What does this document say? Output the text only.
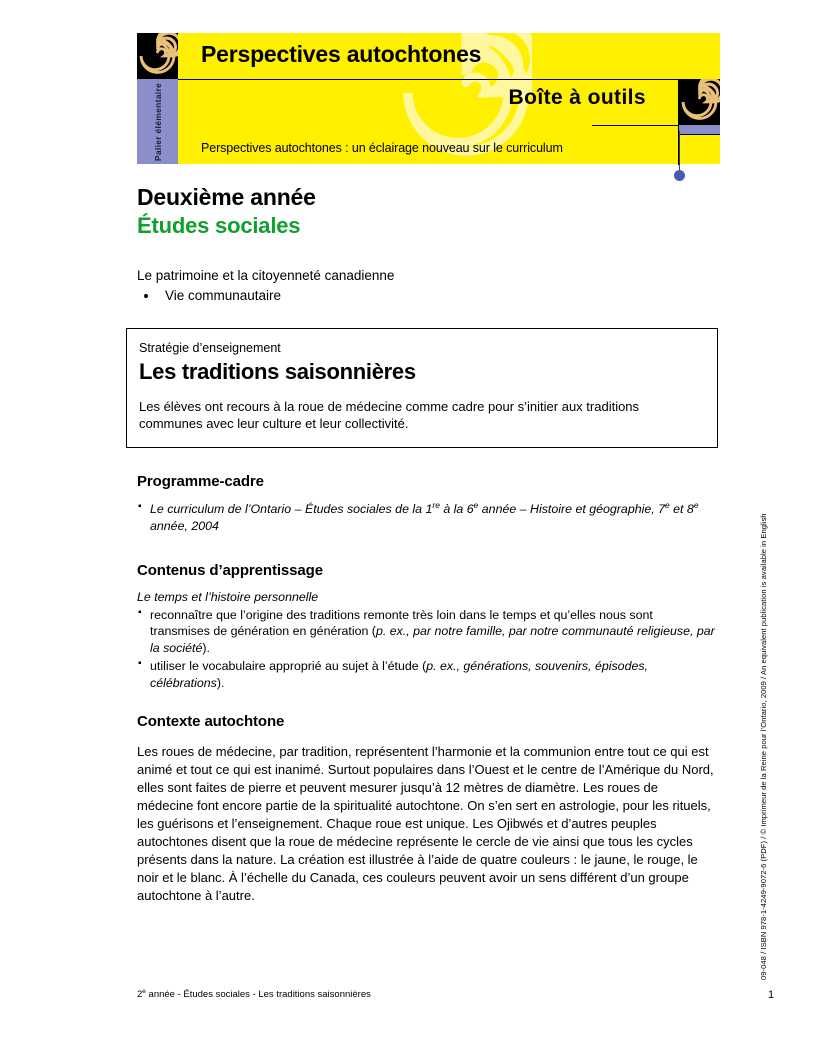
Perspectives autochtones
Boîte à outils
Perspectives autochtones : un éclairage nouveau sur le curriculum
Palier élémentaire
Deuxième année
Études sociales
Le patrimoine et la citoyenneté canadienne
• Vie communautaire
Stratégie d’enseignement
Les traditions saisonnières
Les élèves ont recours à la roue de médecine comme cadre pour s’initier aux traditions communes avec leur culture et leur collectivité.
Programme-cadre
▪ Le curriculum de l’Ontario – Études sociales de la 1re à la 6e année – Histoire et géographie, 7e et 8e année, 2004
Contenus d’apprentissage
Le temps et l’histoire personnelle
▪ reconnaître que l’origine des traditions remonte très loin dans le temps et qu’elles nous sont transmises de génération en génération (p. ex., par notre famille, par notre communauté religieuse, par la société).
▪ utiliser le vocabulaire approprié au sujet à l’étude (p. ex., générations, souvenirs, épisodes, célébrations).
Contexte autochtone

Les roues de médecine, par tradition, représentent l’harmonie et la communion entre tout ce qui est animé et tout ce qui est inanimé. Surtout populaires dans l’Ouest et le centre de l’Amérique du Nord, elles sont faites de pierre et peuvent mesurer jusqu’à 12 mètres de diamètre. Les roues de médecine font encore partie de la spiritualité autochtone. On s’en sert en astrologie, pour les rituels, les guérisons et l’enseignement. Chaque roue est unique. Les Ojibwés et d’autres peuples autochtones disent que la roue de médecine représente le cercle de vie ainsi que tous les cycles présents dans la nature. La création est illustrée à l’aide de quatre couleurs : le jaune, le rouge, le noir et le blanc. À l’échelle du Canada, ces couleurs peuvent avoir un sens différent d’un groupe autochtone à l’autre.	09-048 / ISBN 978-1-4249-9072-6 (PDF) / © Imprimeur de la Reine pour l’Ontario, 2009 / An equivalent publication is available in English
2e année - Études sociales - Les traditions saisonnières	1
